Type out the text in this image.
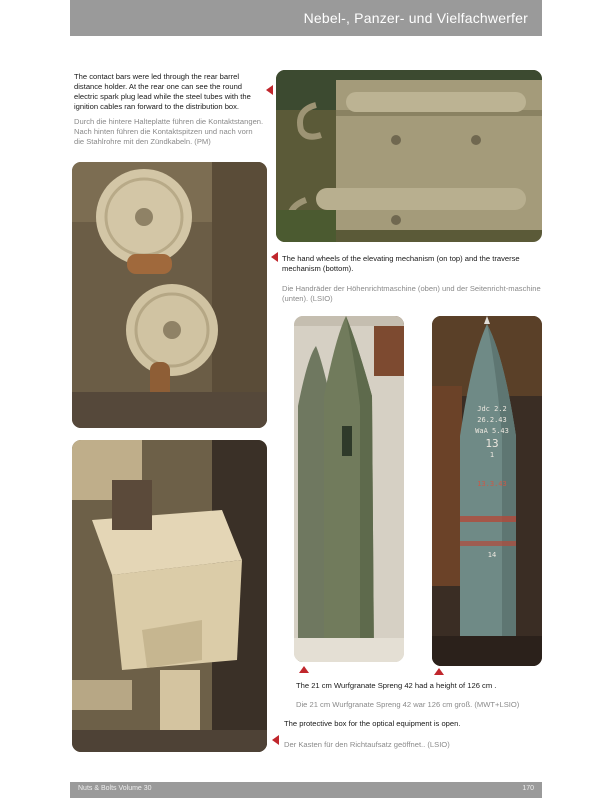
Nebel-, Panzer- und Vielfachwerfer
The contact bars were led through the rear barrel distance holder. At the rear one can see the round electric spark plug lead while the steel tubes with the ignition cables ran forward to the distribution box.
Durch die hintere Haltеplatte führen die Kontaktstangen. Nach hinten führen die Kontaktspitzen und nach vorn die Stahlrohre mit den Zündkabeln. (PM)
The hand wheels of the elevating mechanism (on top) and the traverse mechanism (bottom).
Die Handräder der Höhenrichtmaschine (oben) und der Seitenricht-maschine (unten). (LSIO)
Jdc 2.2
26.2.43
WaA 5.43
13
1
13.3.43
14
The 21 cm Wurfgranate Spreng 42 had a height of 126 cm .
Die 21 cm Wurfgranate Spreng 42 war 126 cm groß. (MWT+LSIO)
The protective box for the optical equipment is open.
Der Kasten für den Richtaufsatz geöffnet.. (LSIO)
Nuts & Bolts Volume 30	170
